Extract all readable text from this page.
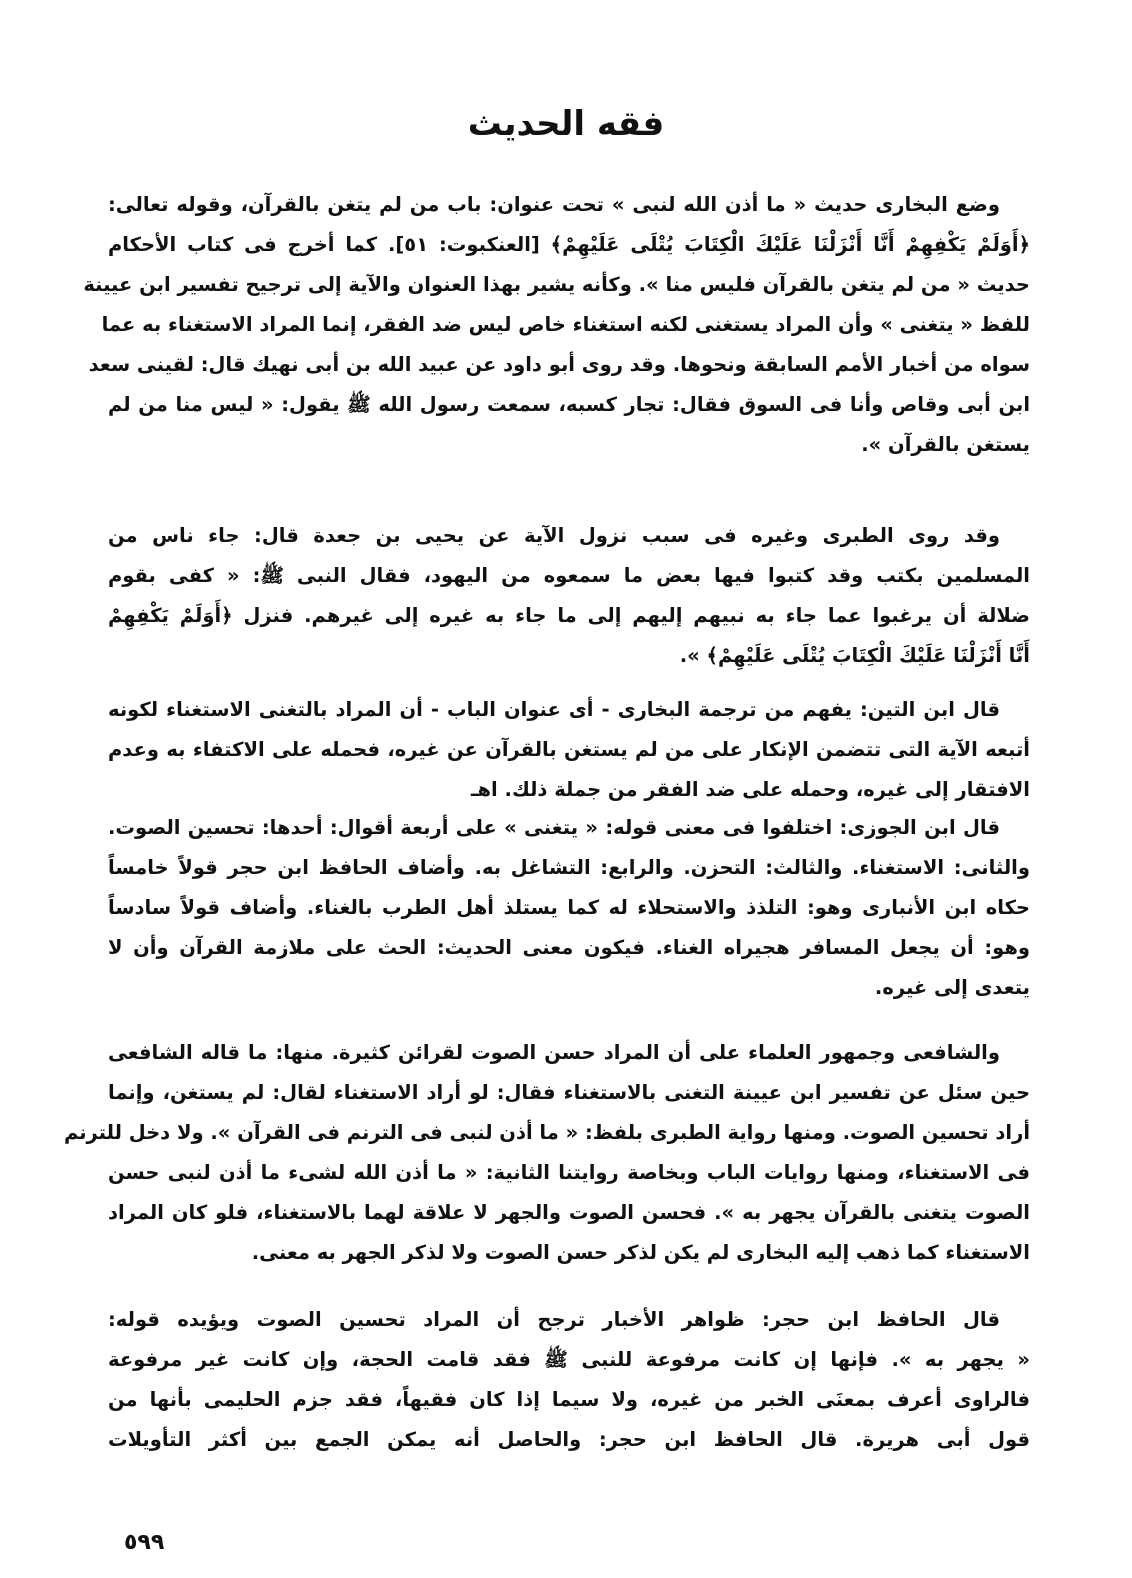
فقه الحديث
وضع البخارى حديث « ما أذن الله لنبى » تحت عنوان: باب من لم يتغن بالقرآن، وقوله تعالى:
﴿أَوَلَمْ يَكْفِهِمْ أَنَّا أَنْزَلْنَا عَلَيْكَ الْكِتَابَ يُتْلَى عَلَيْهِمْ﴾ [العنكبوت: ٥١]. كما أخرج فى كتاب الأحكام
حديث « من لم يتغن بالقرآن فليس منا ». وكأنه يشير بهذا العنوان والآية إلى ترجيح تفسير ابن عيينة
للفظ « يتغنى » وأن المراد يستغنى لكنه استغناء خاص ليس ضد الفقر، إنما المراد الاستغناء به عما
سواه من أخبار الأمم السابقة ونحوها. وقد روى أبو داود عن عبيد الله بن أبى نهيك قال: لقينى سعد
ابن أبى وقاص وأنا فى السوق فقال: تجار كسبه، سمعت رسول الله ﷺ يقول: « ليس منا من لم
يستغن بالقرآن ».
وقد روى الطبرى وغيره فى سبب نزول الآية عن يحيى بن جعدة قال: جاء ناس من
المسلمين بكتب وقد كتبوا فيها بعض ما سمعوه من اليهود، فقال النبى ﷺ: « كفى بقوم
ضلالة أن يرغبوا عما جاء به نبيهم إليهم إلى ما جاء به غيره إلى غيرهم. فنزل ﴿أَوَلَمْ يَكْفِهِمْ
أَنَّا أَنْزَلْنَا عَلَيْكَ الْكِتَابَ يُتْلَى عَلَيْهِمْ﴾ ».
قال ابن التين: يفهم من ترجمة البخارى - أى عنوان الباب - أن المراد بالتغنى الاستغناء لكونه
أتبعه الآية التى تتضمن الإنكار على من لم يستغن بالقرآن عن غيره، فحمله على الاكتفاء به وعدم
الافتقار إلى غيره، وحمله على ضد الفقر من جملة ذلك. اهـ
قال ابن الجوزى: اختلفوا فى معنى قوله: « يتغنى » على أربعة أقوال: أحدها: تحسين الصوت.
والثانى: الاستغناء. والثالث: التحزن. والرابع: التشاغل به. وأضاف الحافظ ابن حجر قولاً خامساً
حكاه ابن الأنبارى وهو: التلذذ والاستحلاء له كما يستلذ أهل الطرب بالغناء. وأضاف قولاً سادساً
وهو: أن يجعل المسافر هجيراه الغناء. فيكون معنى الحديث: الحث على ملازمة القرآن وأن لا
يتعدى إلى غيره.
والشافعى وجمهور العلماء على أن المراد حسن الصوت لقرائن كثيرة. منها: ما قاله الشافعى
حين سئل عن تفسير ابن عيينة التغنى بالاستغناء فقال: لو أراد الاستغناء لقال: لم يستغن، وإنما
أراد تحسين الصوت. ومنها رواية الطبرى بلفظ: « ما أذن لنبى فى الترنم فى القرآن ». ولا دخل للترنم
فى الاستغناء، ومنها روايات الباب وبخاصة روايتنا الثانية: « ما أذن الله لشىء ما أذن لنبى حسن
الصوت يتغنى بالقرآن يجهر به ». فحسن الصوت والجهر لا علاقة لهما بالاستغناء، فلو كان المراد
الاستغناء كما ذهب إليه البخارى لم يكن لذكر حسن الصوت ولا لذكر الجهر به معنى.
قال الحافظ ابن حجر: ظواهر الأخبار ترجح أن المراد تحسين الصوت ويؤيده قوله:
« يجهر به ». فإنها إن كانت مرفوعة للنبى ﷺ فقد قامت الحجة، وإن كانت غير مرفوعة
فالراوى أعرف بمعنَى الخبر من غيره، ولا سيما إذا كان فقيهاً، فقد جزم الحليمى بأنها من
قول أبى هريرة. قال الحافظ ابن حجر: والحاصل أنه يمكن الجمع بين أكثر التأويلات
٥٩٩
